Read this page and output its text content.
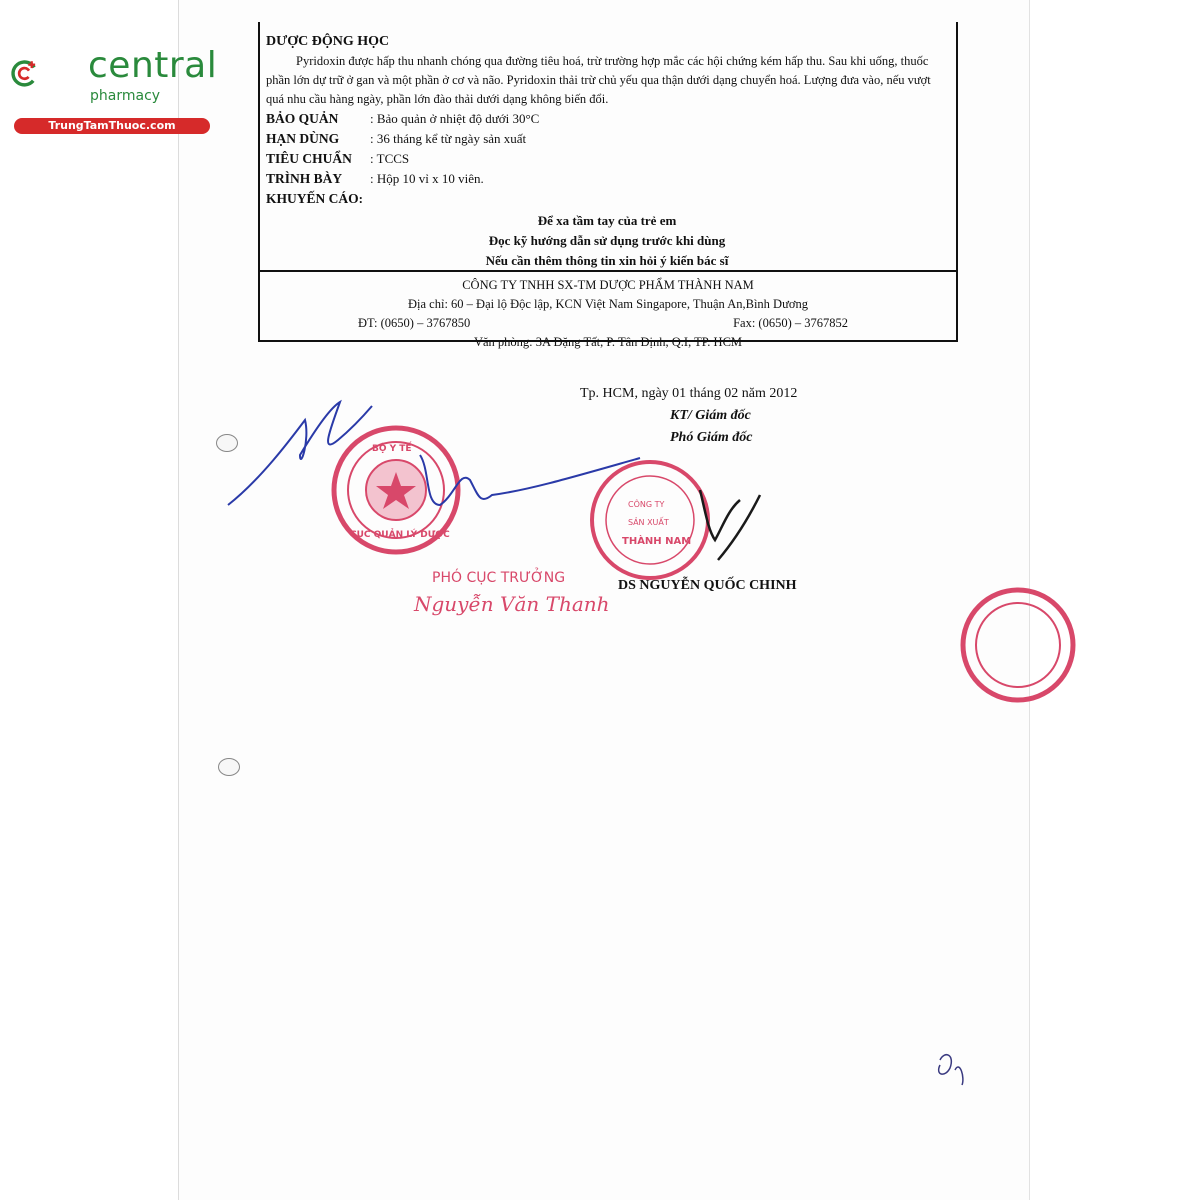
central
pharmacy
TrungTamThuoc.com
DƯỢC ĐỘNG HỌC

Pyridoxin được hấp thu nhanh chóng qua đường tiêu hoá, trừ trường hợp mắc các hội chứng kém hấp thu. Sau khi uống, thuốc phần lớn dự trữ ở gan và một phần ở cơ và não. Pyridoxin thải trừ chủ yếu qua thận dưới dạng chuyển hoá. Lượng đưa vào, nếu vượt quá nhu cầu hàng ngày, phần lớn đào thải dưới dạng không biến đổi.

BẢO QUẢN	: Bảo quản ở nhiệt độ dưới 30°C
HẠN DÙNG	: 36 tháng kể từ ngày sản xuất
TIÊU CHUẨN	: TCCS
TRÌNH BÀY	: Hộp 10 vỉ x 10 viên.
KHUYẾN CÁO :
Để xa tầm tay của trẻ em
Đọc kỹ hướng dẫn sử dụng trước khi dùng
Nếu cần thêm thông tin xin hỏi ý kiến bác sĩ
CÔNG TY TNHH SX-TM DƯỢC PHẨM THÀNH NAM
Địa chỉ: 60 – Đại lộ Độc lập, KCN Việt Nam Singapore, Thuận An,Bình Dương
ĐT: (0650) – 3767850	Fax: (0650) – 3767852
Văn phòng: 3A Đặng Tất, P. Tân Định, Q.I, TP. HCM
Tp. HCM, ngày 01 tháng 02 năm 2012
KT/ Giám đốc
Phó Giám đốc
BỘ Y TẾ
CỤC QUẢN LÝ DƯỢC
CÔNG TY
SẢN XUẤT
THÀNH NAM
PHÓ CỤC TRƯỞNG
Nguyễn Văn Thanh
DS NGUYỄN QUỐC CHINH
